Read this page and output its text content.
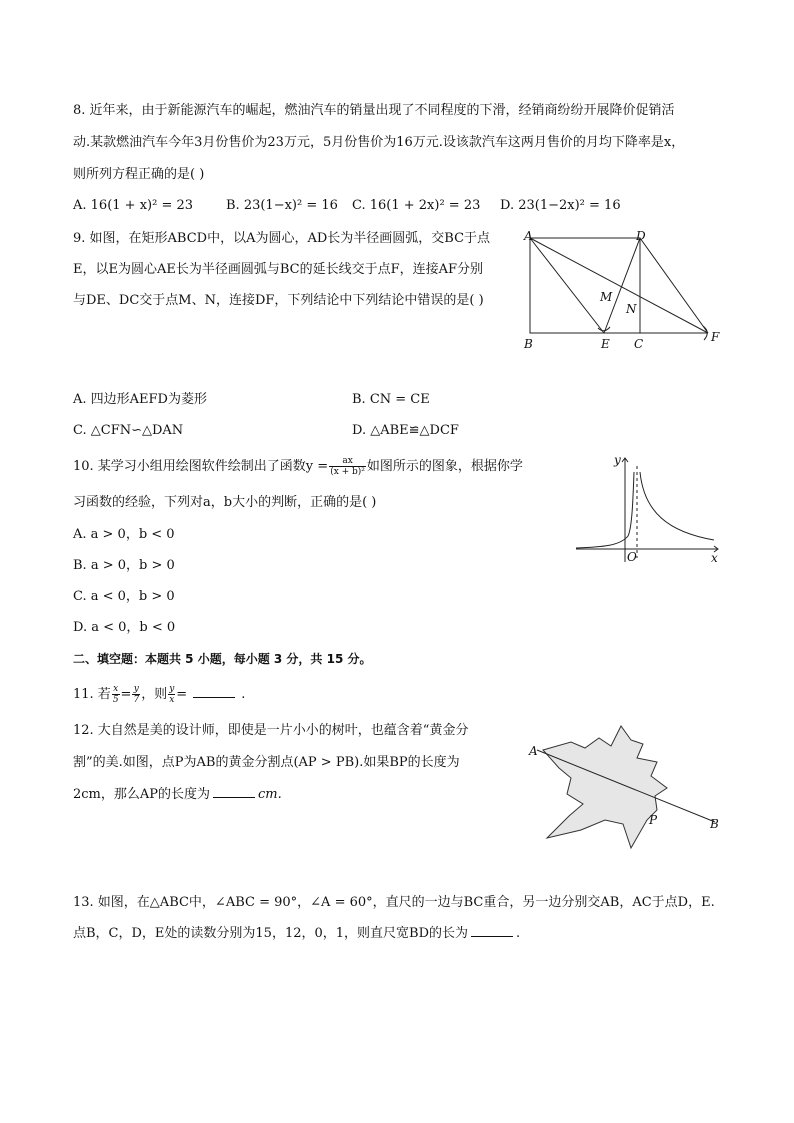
8. 近年来，由于新能源汽车的崛起，燃油汽车的销量出现了不同程度的下滑，经销商纷纷开展降价促销活
动.某款燃油汽车今年3月份售价为23万元，5月份售价为16万元.设该款汽车这两月售价的月均下降率是x，
则所列方程正确的是( )
A. 16(1 + x)² = 23	B. 23(1−x)² = 16 C. 16(1 + 2x)² = 23 D. 23(1−2x)² = 16
9. 如图，在矩形ABCD中，以A为圆心，AD长为半径画圆弧，交BC于点
E，以E为圆心AE长为半径画圆弧与BC的延长线交于点F，连接AF分别
与DE、DC交于点M、N，连接DF，下列结论中下列结论中错误的是( )
A	D
B	E C	F
M
N
A. 四边形AEFD为菱形	B. CN = CE
C. △CFN∽△DAN	D. △ABE≌△DCF
10. 某学习小组用绘图软件绘制出了函数$y = \frac{ax}{\text{(x + b)²}}$ 如图所示的图象，根据你学
习函数的经验，下列对a，b大小的判断，正确的是( )
A. a > 0，b < 0
B. a > 0，b > 0
C. a < 0，b > 0
D. a < 0，b < 0
y
x
O
二、填空题：本题共 5 小题，每小题 3 分，共 15 分。
11. 若 $\frac{x}{5} = \frac{y}{7}$ ，则 $\frac{y}{x}$ =	.
12. 大自然是美的设计师，即使是一片小小的树叶，也蕴含着“黄金分
割”的美.如图，点P为AB的黄金分割点(AP > PB).如果BP的长度为
2cm，那么AP的长度为	cm.
A
P	B
13. 如图，在△ABC中，∠ABC = 90°，∠A = 60°，直尺的一边与BC重合，另一边分别交AB，AC于点D，E.
点B，C，D，E处的读数分别为15，12，0，1，则直尺宽BD的长为	.
